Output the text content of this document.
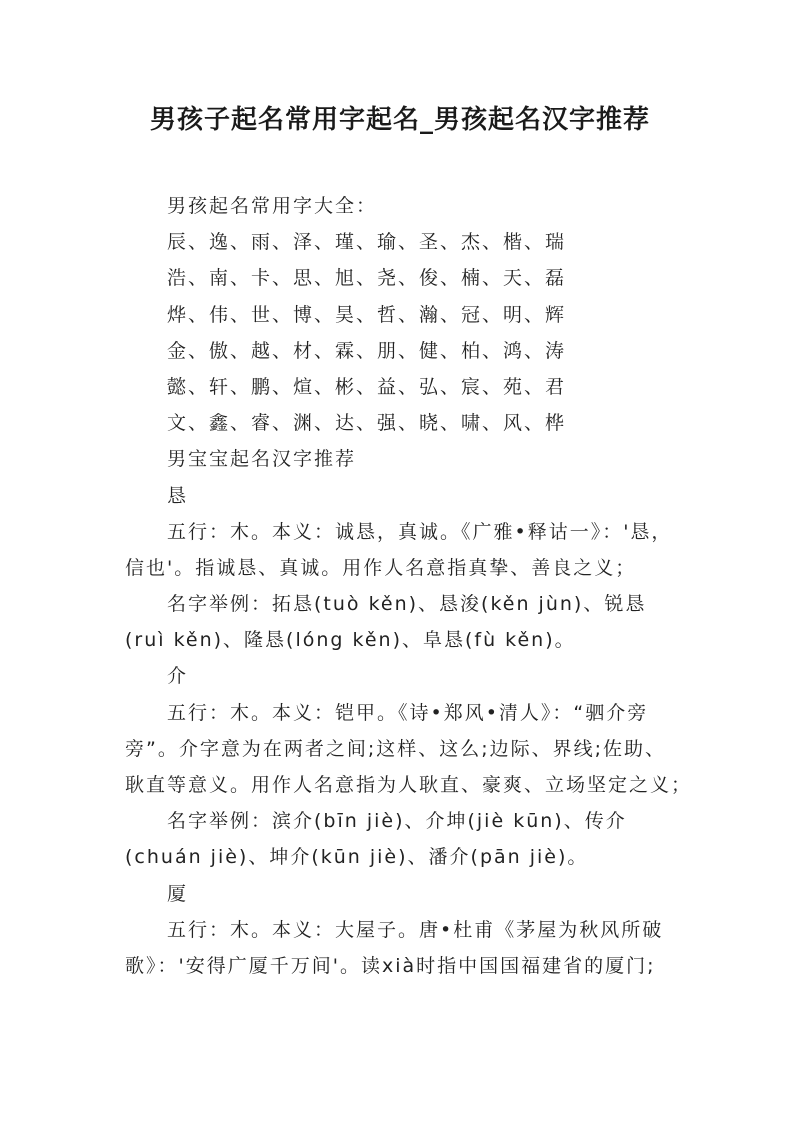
男孩子起名常用字起名_男孩起名汉字推荐
男孩起名常用字大全：
辰、逸、雨、泽、瑾、瑜、圣、杰、楷、瑞
浩、南、卡、思、旭、尧、俊、楠、天、磊
烨、伟、世、博、昊、哲、瀚、冠、明、辉
金、傲、越、材、霖、朋、健、柏、鸿、涛
懿、轩、鹏、煊、彬、益、弘、宸、苑、君
文、鑫、睿、渊、达、强、晓、啸、风、桦
男宝宝起名汉字推荐
恳
五行：木。本义：诚恳，真诚。《广雅•释诂一》：'恳，
信也'。指诚恳、真诚。用作人名意指真挚、善良之义；
名字举例：拓恳(tuò kěn)、恳浚(kěn jùn)、锐恳
(ruì kěn)、隆恳(lóng kěn)、阜恳(fù kěn)。
介
五行：木。本义：铠甲。《诗•郑风•清人》：“驷介旁
旁”。介字意为在两者之间;这样、这么;边际、界线;佐助、
耿直等意义。用作人名意指为人耿直、豪爽、立场坚定之义；
名字举例：滨介(bīn jiè)、介坤(jiè kūn)、传介
(chuán jiè)、坤介(kūn jiè)、潘介(pān jiè)。
厦
五行：木。本义：大屋子。唐•杜甫《茅屋为秋风所破
歌》：'安得广厦千万间'。读xià时指中国国福建省的厦门;
